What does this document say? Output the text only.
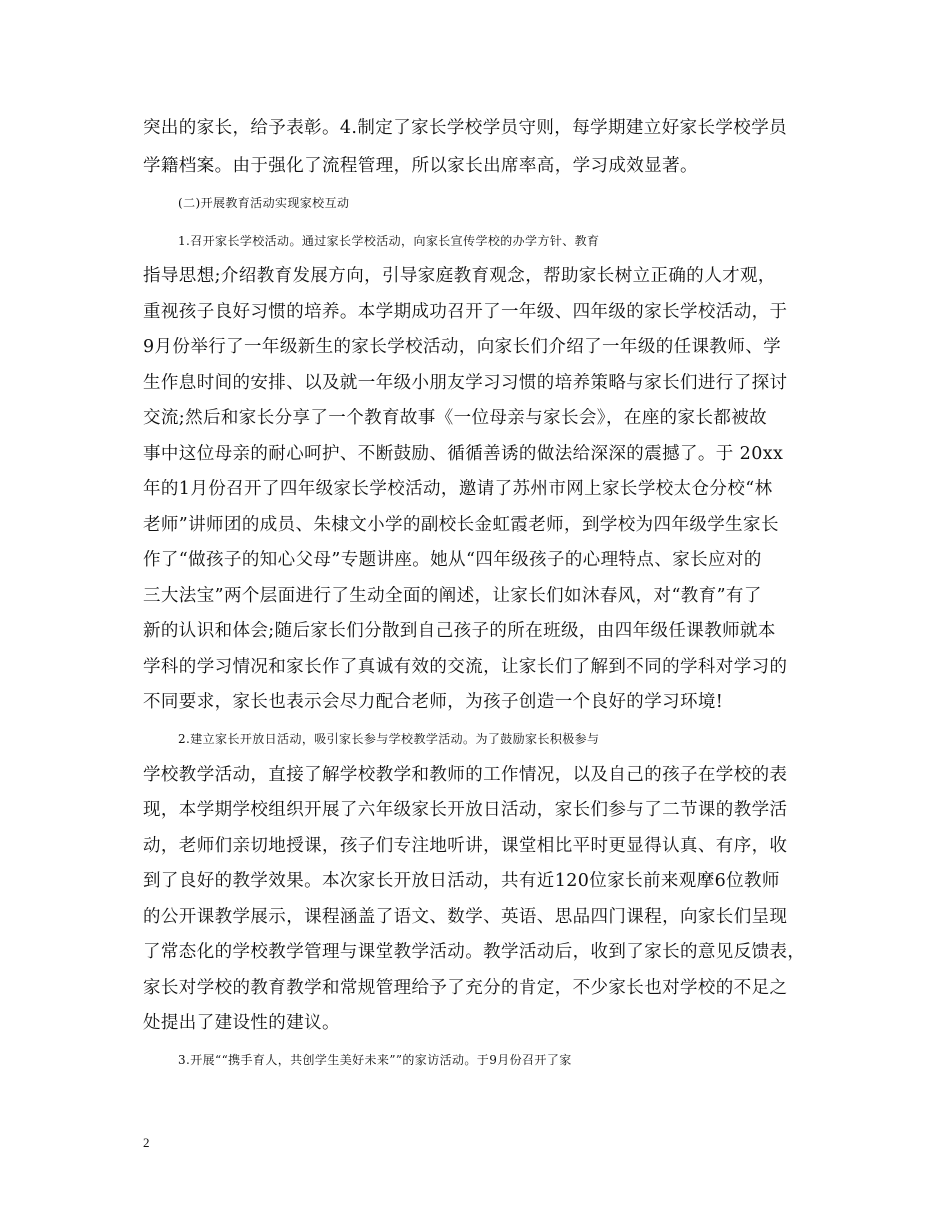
突出的家长，给予表彰。4.制定了家长学校学员守则，每学期建立好家长学校学员
学籍档案。由于强化了流程管理，所以家长出席率高，学习成效显著。
(二)开展教育活动实现家校互动
1.召开家长学校活动。通过家长学校活动，向家长宣传学校的办学方针、教育
指导思想;介绍教育发展方向，引导家庭教育观念，帮助家长树立正确的人才观，
重视孩子良好习惯的培养。本学期成功召开了一年级、四年级的家长学校活动，于
9月份举行了一年级新生的家长学校活动，向家长们介绍了一年级的任课教师、学
生作息时间的安排、以及就一年级小朋友学习习惯的培养策略与家长们进行了探讨
交流;然后和家长分享了一个教育故事《一位母亲与家长会》，在座的家长都被故
事中这位母亲的耐心呵护、不断鼓励、循循善诱的做法给深深的震撼了。于 20xx
年的1月份召开了四年级家长学校活动，邀请了苏州市网上家长学校太仓分校“林
老师”讲师团的成员、朱棣文小学的副校长金虹霞老师，到学校为四年级学生家长
作了“做孩子的知心父母”专题讲座。她从“四年级孩子的心理特点、家长应对的
三大法宝”两个层面进行了生动全面的阐述，让家长们如沐春风，对“教育”有了
新的认识和体会;随后家长们分散到自己孩子的所在班级，由四年级任课教师就本
学科的学习情况和家长作了真诚有效的交流，让家长们了解到不同的学科对学习的
不同要求，家长也表示会尽力配合老师，为孩子创造一个良好的学习环境!
2.建立家长开放日活动，吸引家长参与学校教学活动。为了鼓励家长积极参与
学校教学活动，直接了解学校教学和教师的工作情况，以及自己的孩子在学校的表
现，本学期学校组织开展了六年级家长开放日活动，家长们参与了二节课的教学活
动，老师们亲切地授课，孩子们专注地听讲，课堂相比平时更显得认真、有序，收
到了良好的教学效果。本次家长开放日活动，共有近120位家长前来观摩6位教师
的公开课教学展示，课程涵盖了语文、数学、英语、思品四门课程，向家长们呈现
了常态化的学校教学管理与课堂教学活动。教学活动后，收到了家长的意见反馈表，
家长对学校的教育教学和常规管理给予了充分的肯定，不少家长也对学校的不足之
处提出了建设性的建议。
3.开展““携手育人，共创学生美好未来””的家访活动。于9月份召开了家
2
